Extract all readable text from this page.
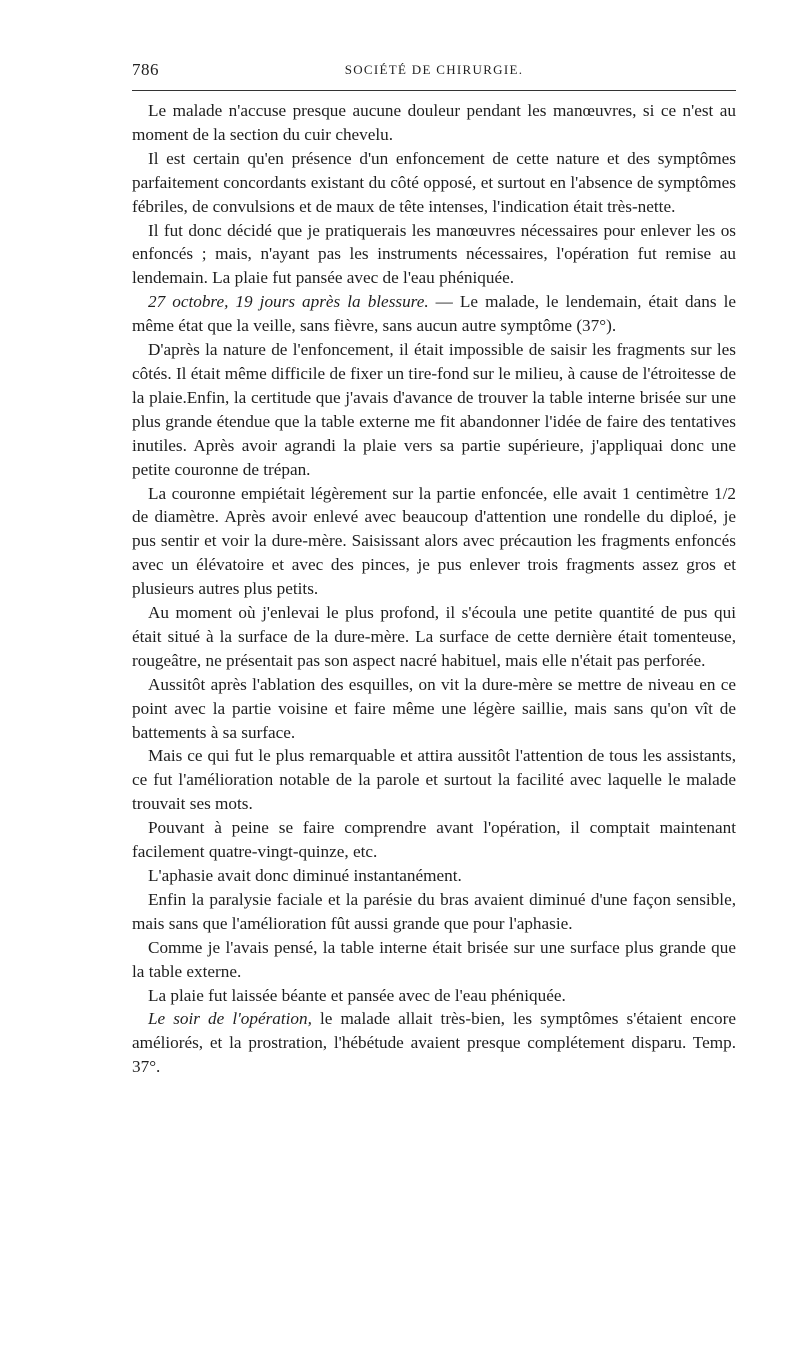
786	SOCIÉTÉ DE CHIRURGIE.

Le malade n'accuse presque aucune douleur pendant les manœuvres, si ce n'est au moment de la section du cuir chevelu.

Il est certain qu'en présence d'un enfoncement de cette nature et des symptômes parfaitement concordants existant du côté opposé, et surtout en l'absence de symptômes fébriles, de convulsions et de maux de tête intenses, l'indication était très-nette.

Il fut donc décidé que je pratiquerais les manœuvres nécessaires pour enlever les os enfoncés ; mais, n'ayant pas les instruments nécessaires, l'opération fut remise au lendemain. La plaie fut pansée avec de l'eau phéniquée.

27 octobre, 19 jours après la blessure. — Le malade, le lendemain, était dans le même état que la veille, sans fièvre, sans aucun autre symptôme (37°).

D'après la nature de l'enfoncement, il était impossible de saisir les fragments sur les côtés. Il était même difficile de fixer un tire-fond sur le milieu, à cause de l'étroitesse de la plaie.Enfin, la certitude que j'avais d'avance de trouver la table interne brisée sur une plus grande étendue que la table externe me fit abandonner l'idée de faire des tentatives inutiles. Après avoir agrandi la plaie vers sa partie supérieure, j'appliquai donc une petite couronne de trépan.

La couronne empiétait légèrement sur la partie enfoncée, elle avait 1 centimètre 1/2 de diamètre. Après avoir enlevé avec beaucoup d'attention une rondelle du diploé, je pus sentir et voir la dure-mère. Saisissant alors avec précaution les fragments enfoncés avec un élévatoire et avec des pinces, je pus enlever trois fragments assez gros et plusieurs autres plus petits.

Au moment où j'enlevai le plus profond, il s'écoula une petite quantité de pus qui était situé à la surface de la dure-mère. La surface de cette dernière était tomenteuse, rougeâtre, ne présentait pas son aspect nacré habituel, mais elle n'était pas perforée.

Aussitôt après l'ablation des esquilles, on vit la dure-mère se mettre de niveau en ce point avec la partie voisine et faire même une légère saillie, mais sans qu'on vît de battements à sa surface.

Mais ce qui fut le plus remarquable et attira aussitôt l'attention de tous les assistants, ce fut l'amélioration notable de la parole et surtout la facilité avec laquelle le malade trouvait ses mots.

Pouvant à peine se faire comprendre avant l'opération, il comptait maintenant facilement quatre-vingt-quinze, etc.

L'aphasie avait donc diminué instantanément.

Enfin la paralysie faciale et la parésie du bras avaient diminué d'une façon sensible, mais sans que l'amélioration fût aussi grande que pour l'aphasie.

Comme je l'avais pensé, la table interne était brisée sur une surface plus grande que la table externe.

La plaie fut laissée béante et pansée avec de l'eau phéniquée.

Le soir de l'opération, le malade allait très-bien, les symptômes s'étaient encore améliorés, et la prostration, l'hébétude avaient presque complétement disparu. Temp. 37°.
